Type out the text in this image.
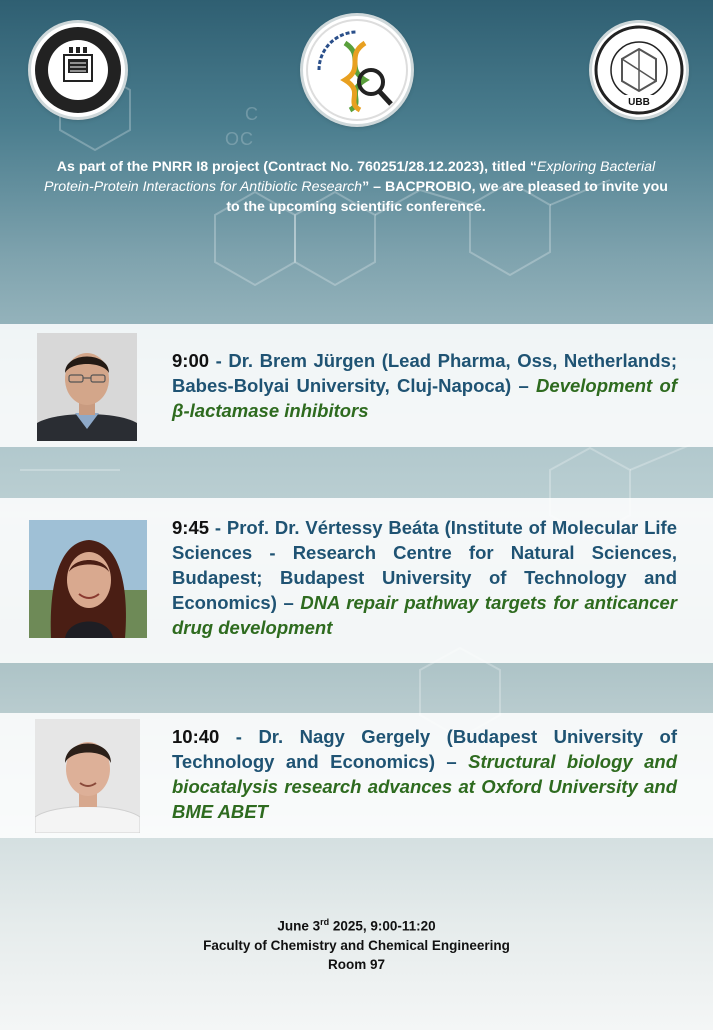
C
O
C
UBB
As part of the PNRR I8 project (Contract No. 760251/28.12.2023), titled “Exploring Bacterial Protein-Protein Interactions for Antibiotic Research” – BACPROBIO, we are pleased to invite you to the upcoming scientific conference.
9:00 - Dr. Brem Jürgen (Lead Pharma, Oss, Netherlands; Babes-Bolyai University, Cluj-Napoca) – Development of β-lactamase inhibitors
9:45 - Prof. Dr. Vértessy Beáta (Institute of Molecular Life Sciences - Research Centre for Natural Sciences, Budapest; Budapest University of Technology and Economics) – DNA repair pathway targets for anticancer drug development
10:40 - Dr. Nagy Gergely (Budapest University of Technology and Economics) – Structural biology and biocatalysis research advances at Oxford University and BME ABET
June 3rd 2025, 9:00-11:20
Faculty of Chemistry and Chemical Engineering
Room 97
